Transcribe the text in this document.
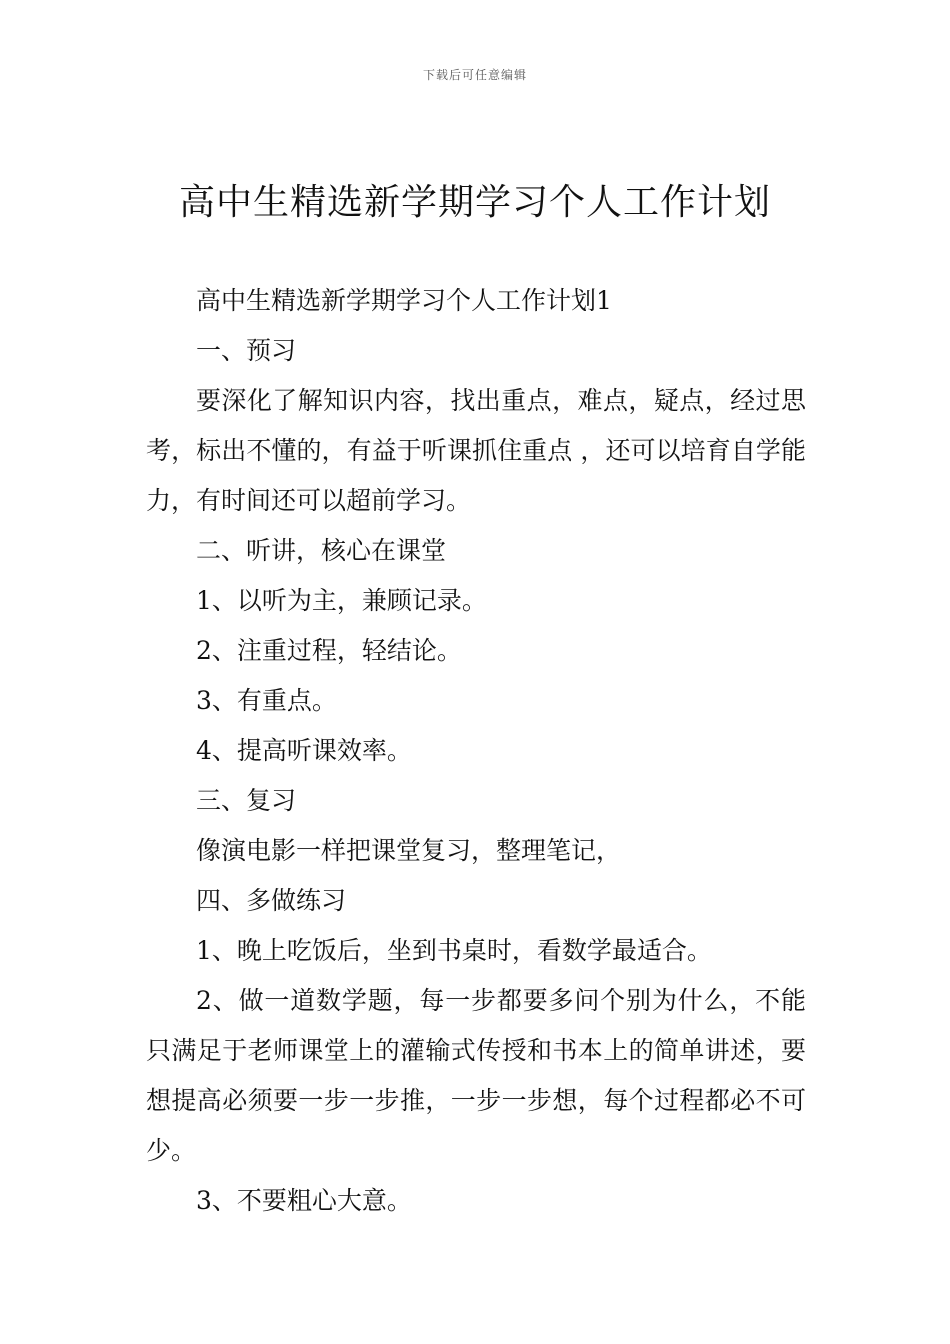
下载后可任意编辑
高中生精选新学期学习个人工作计划

高中生精选新学期学习个人工作计划1

一、预习

要深化了解知识内容，找出重点，难点，疑点，经过思考，标出不懂的，有益于听课抓住重点 ，还可以培育自学能力，有时间还可以超前学习。

二、听讲，核心在课堂

1、以听为主，兼顾记录。

2、注重过程，轻结论。

3、有重点。

4、提高听课效率。

三、复习

像演电影一样把课堂复习，整理笔记，

四、多做练习

1、晚上吃饭后，坐到书桌时，看数学最适合。

2、做一道数学题，每一步都要多问个别为什么，不能只满足于老师课堂上的灌输式传授和书本上的简单讲述，要想提高必须要一步一步推，一步一步想，每个过程都必不可少。

3、不要粗心大意。
